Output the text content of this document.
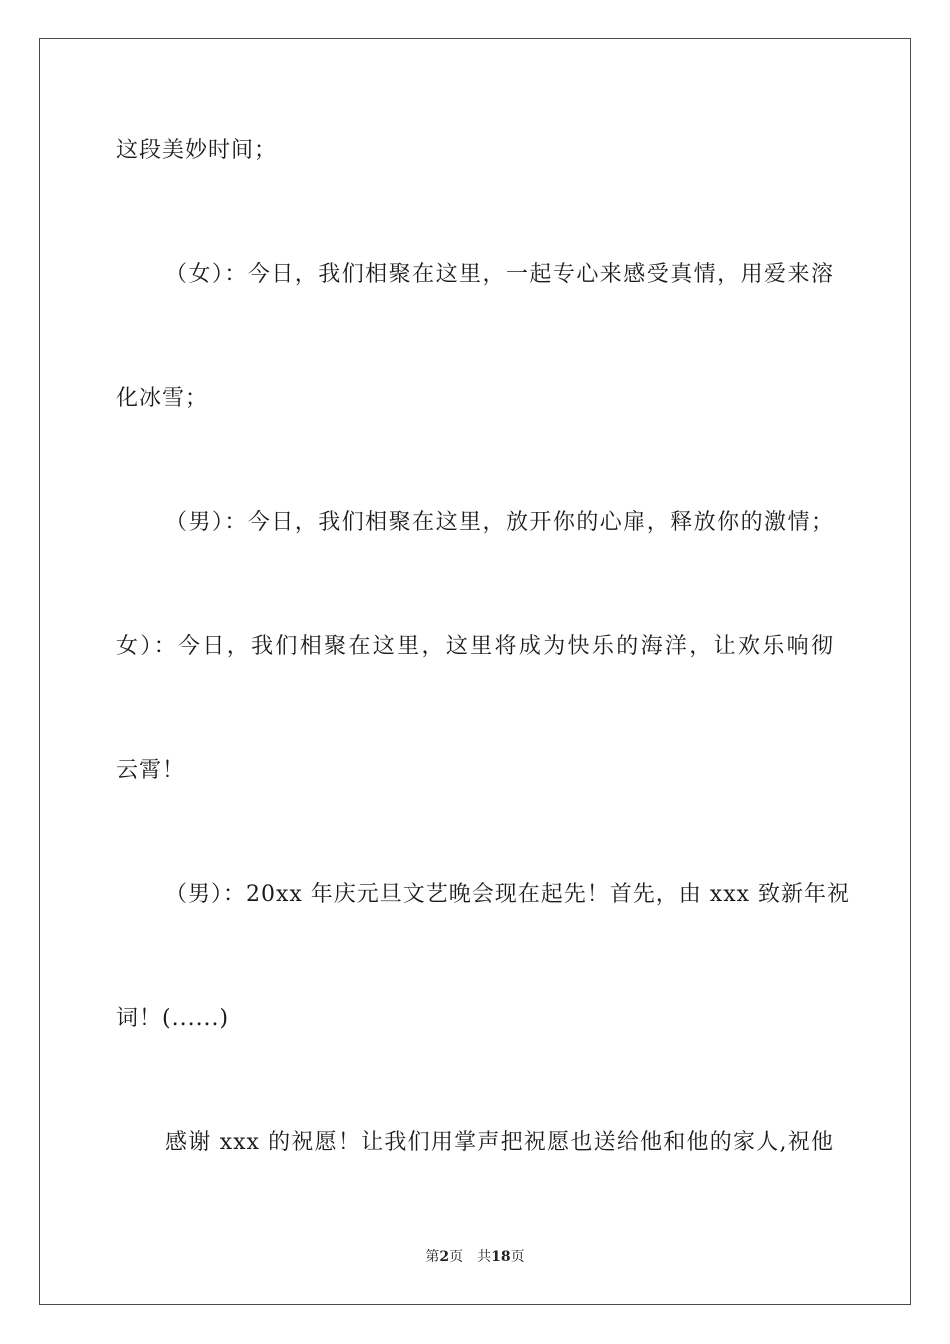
这段美妙时间；
（女）：今日，我们相聚在这里，一起专心来感受真情，用爱来溶
化冰雪；
（男）：今日，我们相聚在这里，放开你的心扉，释放你的激情；
女）：今日，我们相聚在这里，这里将成为快乐的海洋，让欢乐响彻
云霄！
（男）：20xx 年庆元旦文艺晚会现在起先！首先，由 xxx 致新年祝
词！(......)
感谢 xxx 的祝愿！让我们用掌声把祝愿也送给他和他的家人,祝他
第2页 共18页
